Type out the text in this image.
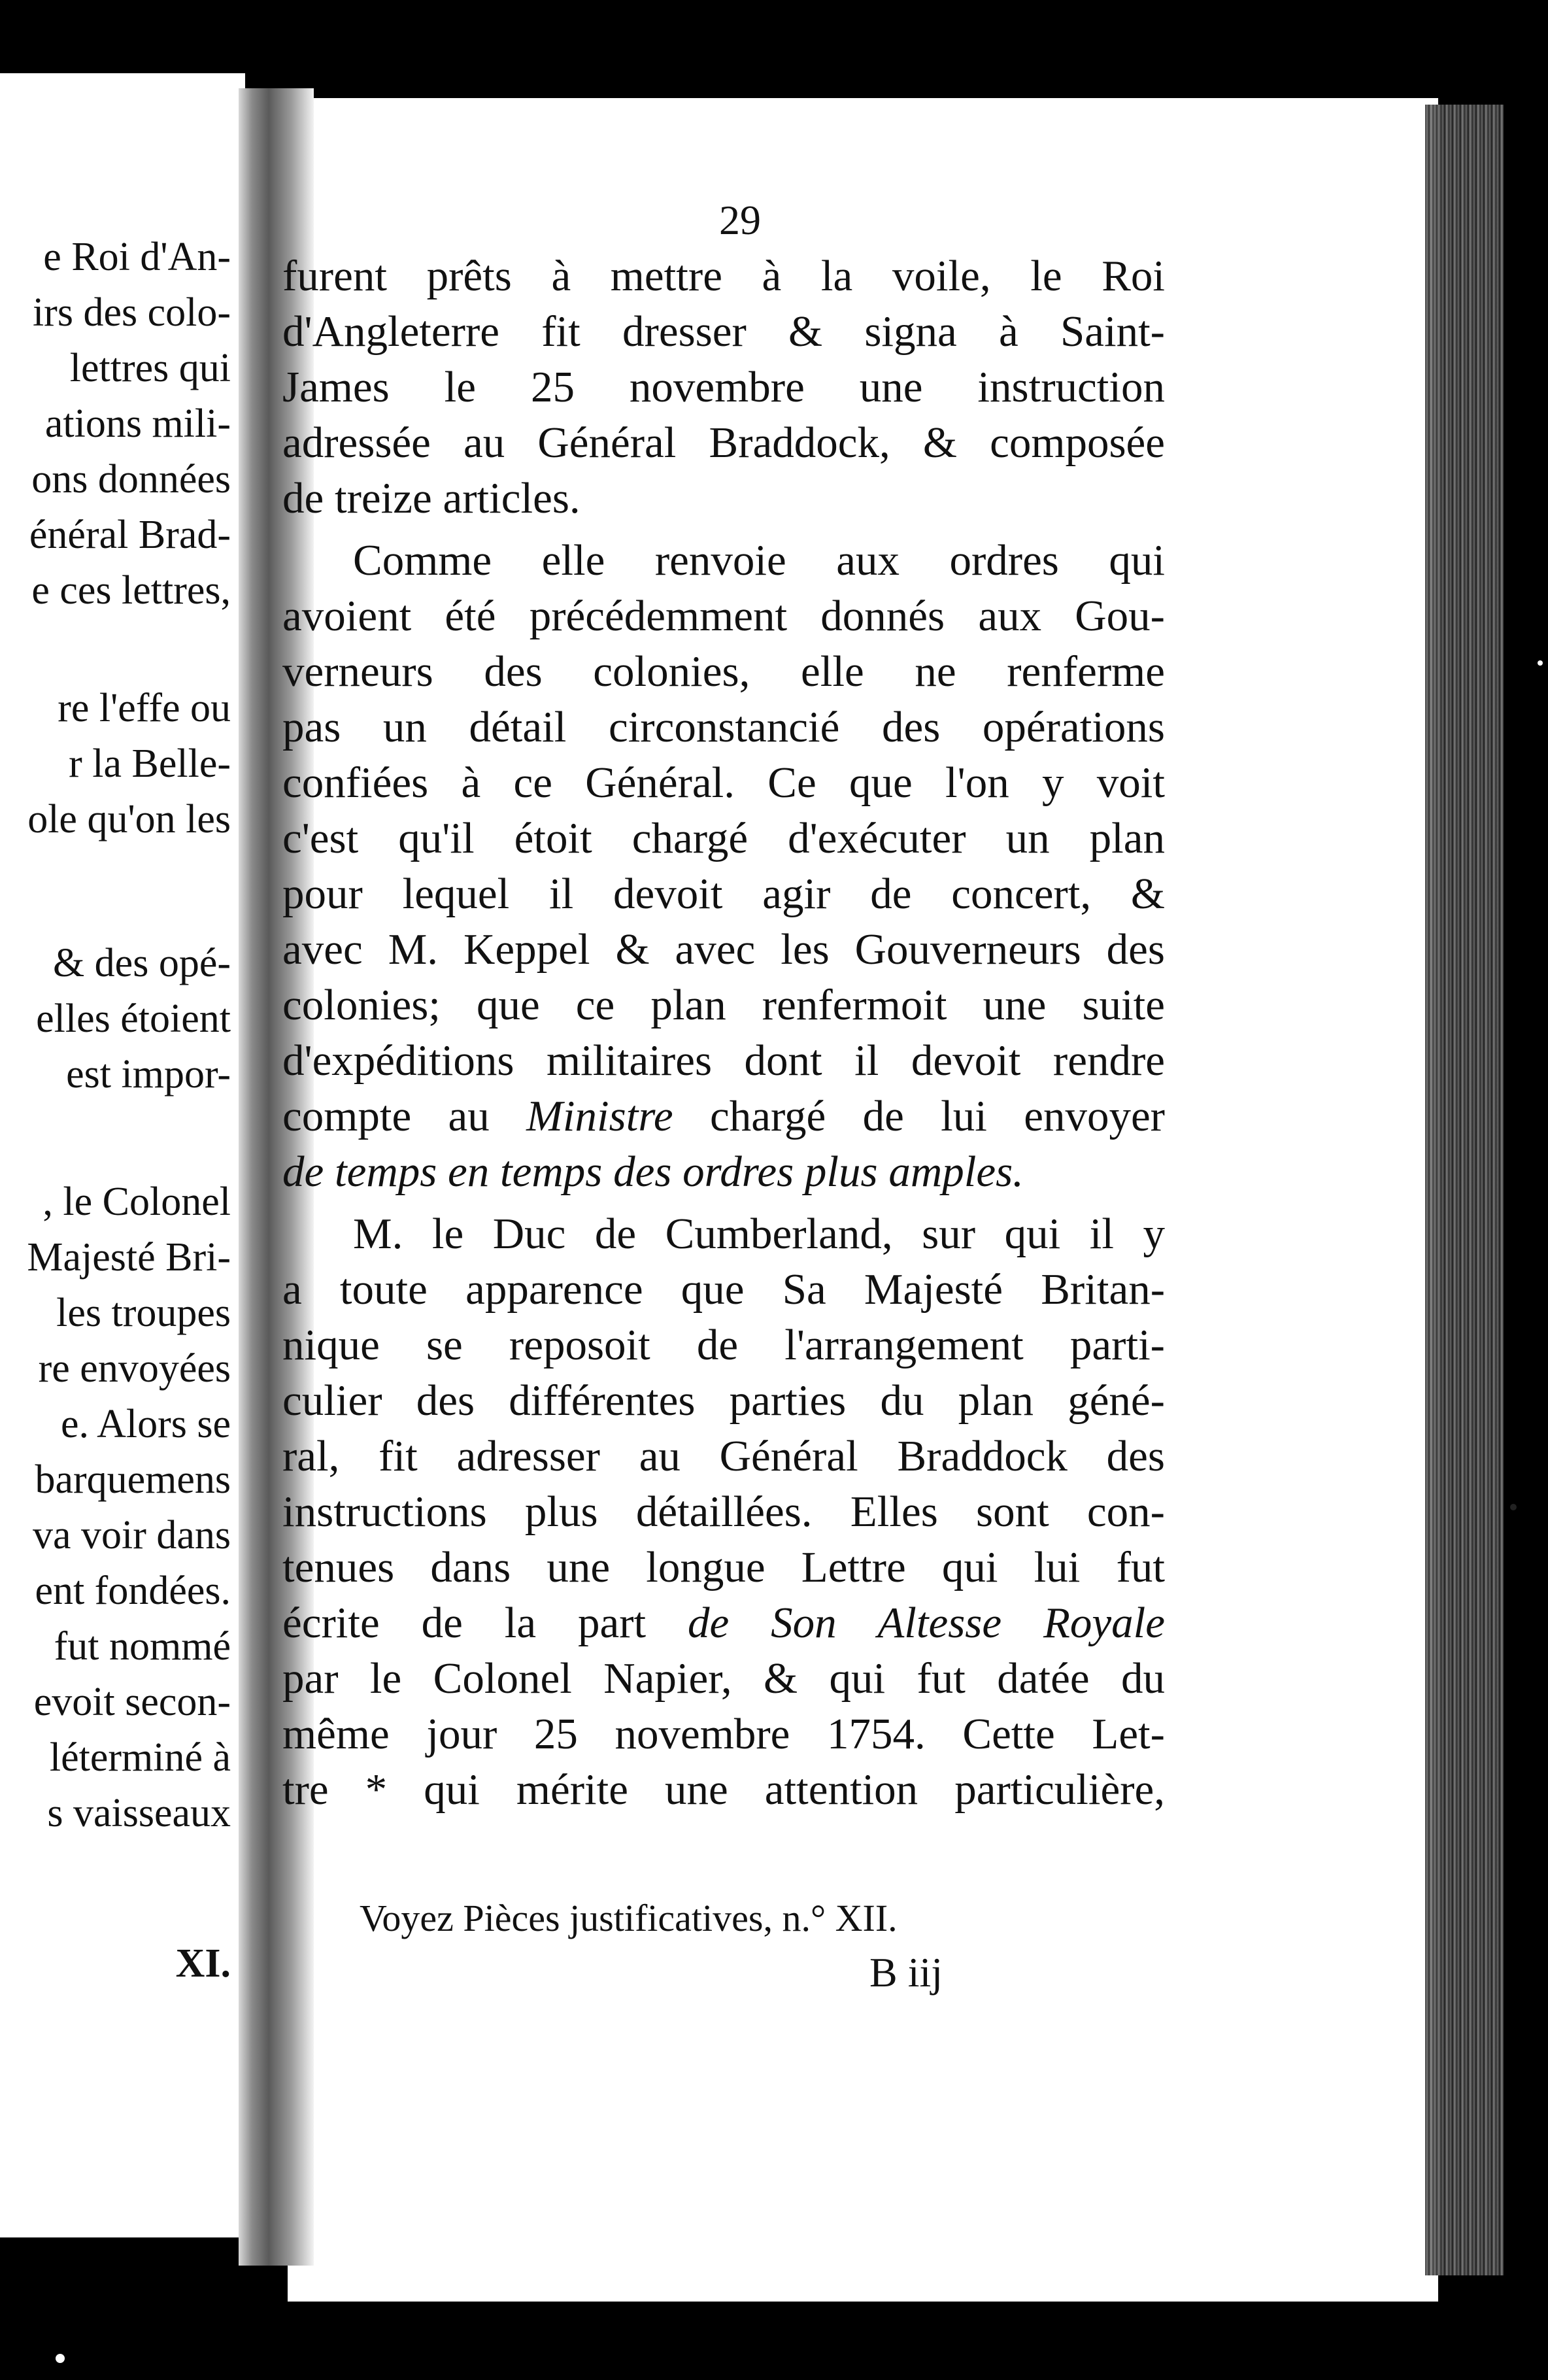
e Roi d'An-
irs des colo-
lettres qui
ations mili-
ons données
énéral Brad-
e ces lettres,
re l'effe ou
r la Belle-
ole qu'on les
& des opé-
elles étoient
est impor-
, le Colonel
Majesté Bri-
les troupes
re envoyées
e. Alors se
barquemens
va voir dans
ent fondées.
fut nommé
evoit secon-
léterminé à
s vaisseaux
XI.
29
furent prêts à mettre à la voile, le Roi
d'Angleterre fit dresser & signa à Saint-
James le 25 novembre une instruction
adressée au Général Braddock, & composée
de treize articles.
Comme elle renvoie aux ordres qui
avoient été précédemment donnés aux Gou-
verneurs des colonies, elle ne renferme
pas un détail circonstancié des opérations
confiées à ce Général. Ce que l'on y voit
c'est qu'il étoit chargé d'exécuter un plan
pour lequel il devoit agir de concert, &
avec M. Keppel & avec les Gouverneurs des
colonies; que ce plan renfermoit une suite
d'expéditions militaires dont il devoit rendre
compte au Ministre chargé de lui envoyer
de temps en temps des ordres plus amples.
M. le Duc de Cumberland, sur qui il y
a toute apparence que Sa Majesté Britan-
nique se reposoit de l'arrangement parti-
culier des différentes parties du plan géné-
ral, fit adresser au Général Braddock des
instructions plus détaillées. Elles sont con-
tenues dans une longue Lettre qui lui fut
écrite de la part de Son Altesse Royale
par le Colonel Napier, & qui fut datée du
même jour 25 novembre 1754. Cette Let-
tre * qui mérite une attention particulière,
Voyez Pièces justificatives, n.° XII.
B iij
